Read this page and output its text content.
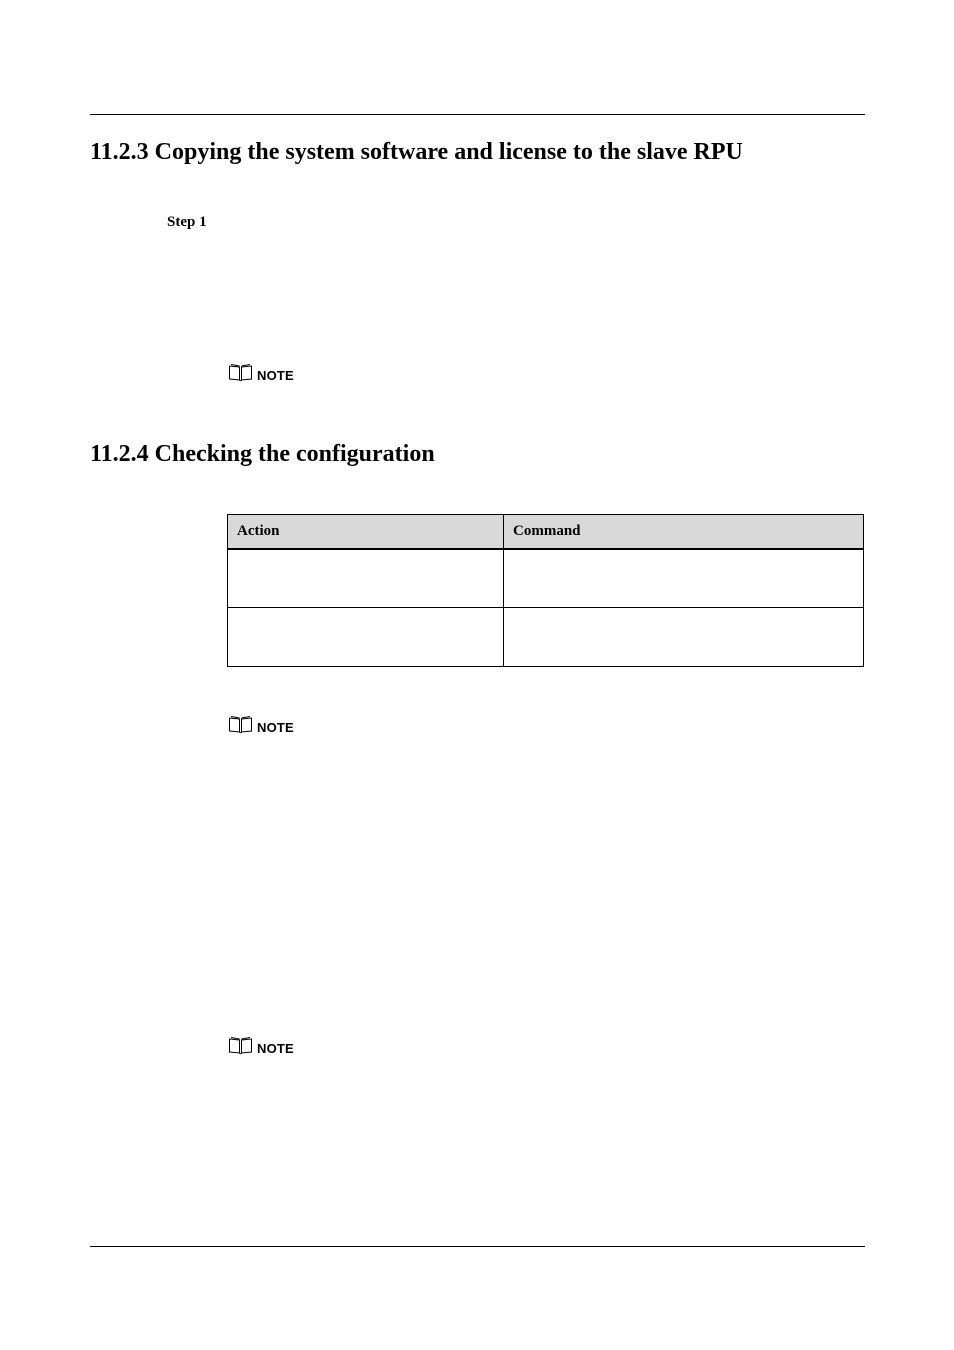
11.2.3 Copying the system software and license to the slave RPU
Step 1
NOTE
11.2.4 Checking the configuration
Action	Command

NOTE
NOTE
